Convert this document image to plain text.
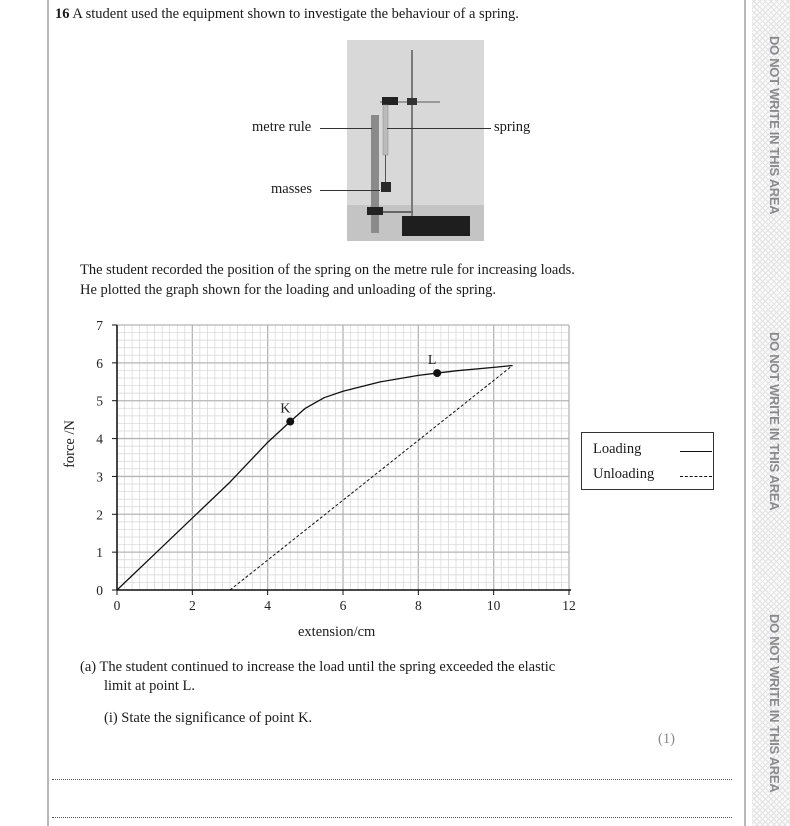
DO NOT WRITE IN THIS AREA
DO NOT WRITE IN THIS AREA
DO NOT WRITE IN THIS AREA
16 A student used the equipment shown to investigate the behaviour of a spring.
metre rule	spring
masses
The student recorded the position of the spring on the metre rule for increasing loads.
He plotted the graph shown for the loading and unloading of the spring.
0	2	4	6	8	10	12
0
1
2
3
4
5
6
7
K
L
extension/cm
force /N	Loading
Unloading
(a) The student continued to increase the load until the spring exceeded the elastic
limit at point L.
(i) State the significance of point K.
(1)
